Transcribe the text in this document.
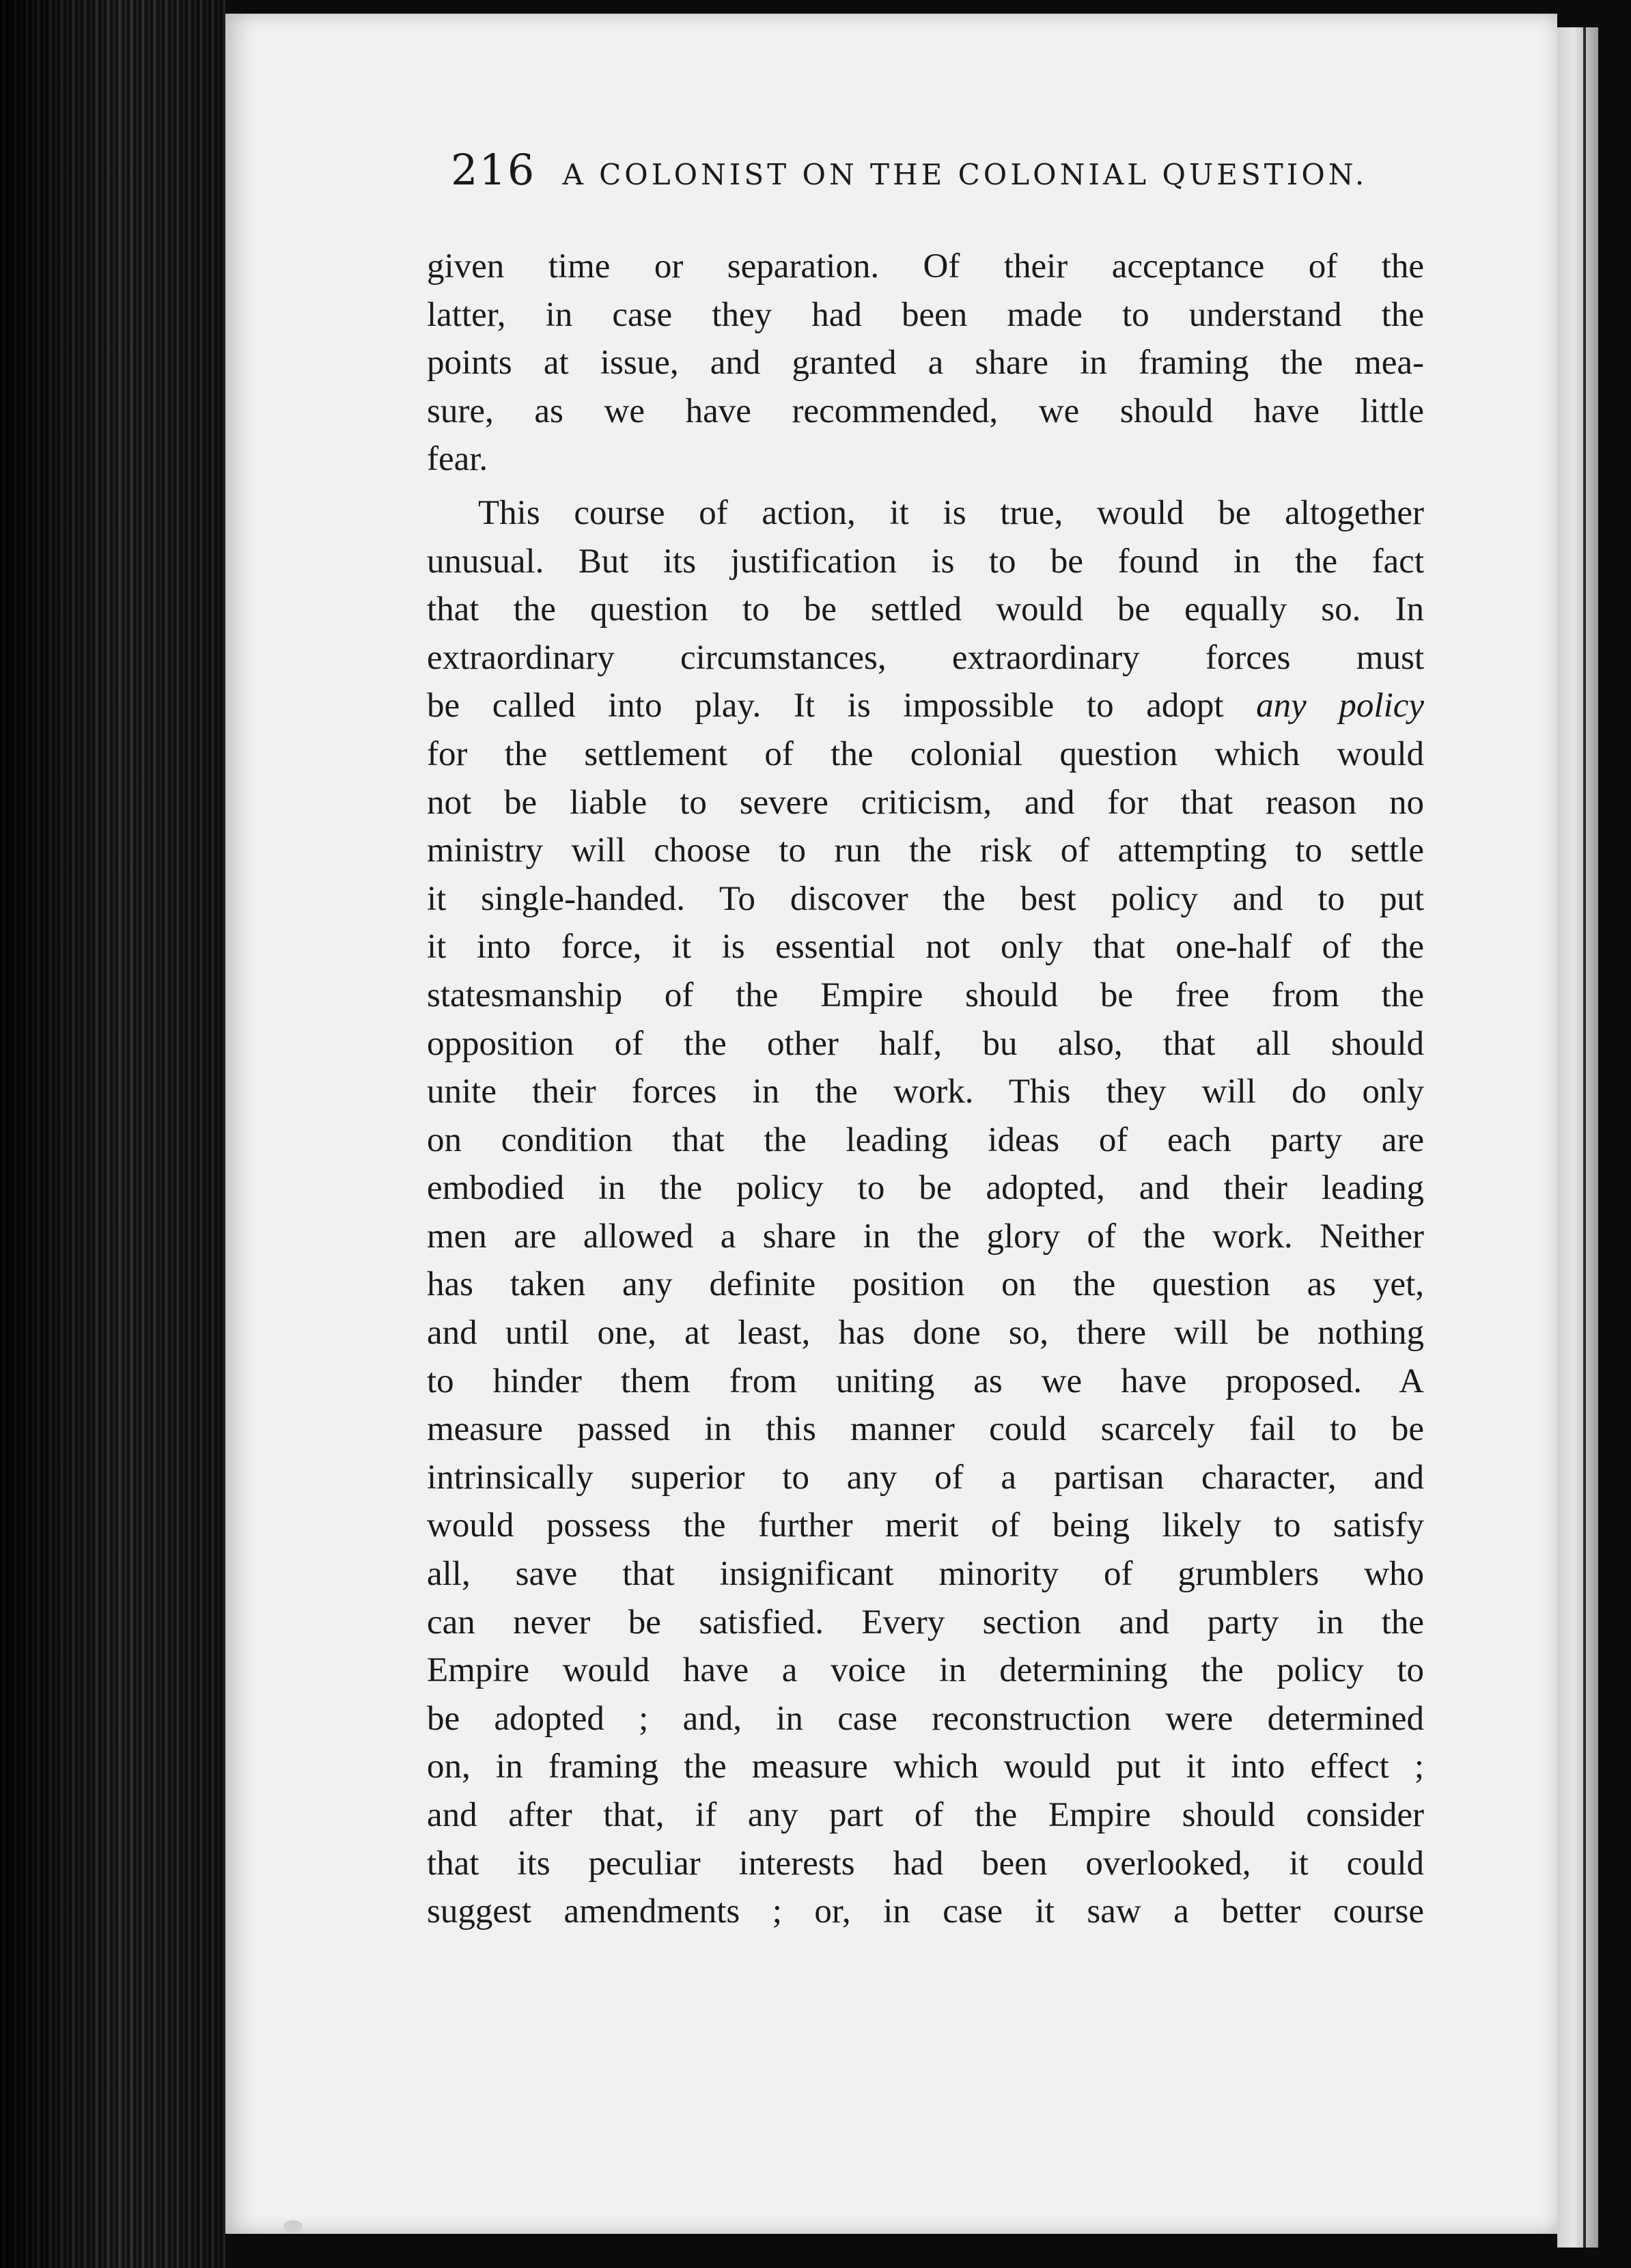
216 A COLONIST ON THE COLONIAL QUESTION.
given time or separation. Of their acceptance of the
latter, in case they had been made to understand the
points at issue, and granted a share in framing the mea-
sure, as we have recommended, we should have little
fear.
This course of action, it is true, would be altogether
unusual. But its justification is to be found in the fact
that the question to be settled would be equally so. In
extraordinary circumstances, extraordinary forces must
be called into play. It is impossible to adopt any policy
for the settlement of the colonial question which would
not be liable to severe criticism, and for that reason no
ministry will choose to run the risk of attempting to settle
it single-handed. To discover the best policy and to put
it into force, it is essential not only that one-half of the
statesmanship of the Empire should be free from the
opposition of the other half, bu also, that all should
unite their forces in the work. This they will do only
on condition that the leading ideas of each party are
embodied in the policy to be adopted, and their leading
men are allowed a share in the glory of the work. Neither
has taken any definite position on the question as yet,
and until one, at least, has done so, there will be nothing
to hinder them from uniting as we have proposed. A
measure passed in this manner could scarcely fail to be
intrinsically superior to any of a partisan character, and
would possess the further merit of being likely to satisfy
all, save that insignificant minority of grumblers who
can never be satisfied. Every section and party in the
Empire would have a voice in determining the policy to
be adopted ; and, in case reconstruction were determined
on, in framing the measure which would put it into effect ;
and after that, if any part of the Empire should consider
that its peculiar interests had been overlooked, it could
suggest amendments ; or, in case it saw a better course
